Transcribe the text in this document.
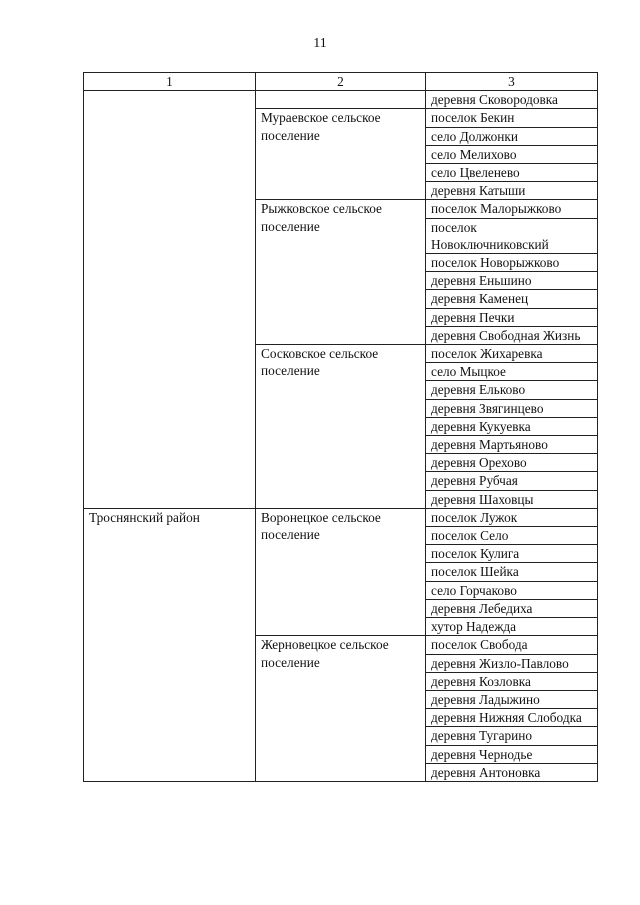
11
1	2	3
		деревня Сковородовка
	Мураевское сельское поселение	поселок Бекин
		село Должонки
		село Мелихово
		село Цвеленево
		деревня Катыши
	Рыжковское сельское поселение	поселок Малорыжково
		поселок Новоключниковский
		поселок Новорыжково
		деревня Еньшино
		деревня Каменец
		деревня Печки
		деревня Свободная Жизнь
	Сосковское сельское поселение	поселок Жихаревка
		село Мыцкое
		деревня Ельково
		деревня Звягинцево
		деревня Кукуевка
		деревня Мартьяново
		деревня Орехово
		деревня Рубчая
		деревня Шаховцы
Троснянский район	Воронецкое сельское поселение	поселок Лужок
		поселок Село
		поселок Кулига
		поселок Шейка
		село Горчаково
		деревня Лебедиха
		хутор Надежда
	Жерновецкое сельское поселение	поселок Свобода
		деревня Жизло-Павлово
		деревня Козловка
		деревня Ладыжино
		деревня Нижняя Слободка
		деревня Тугарино
		деревня Чернодье
		деревня Антоновка
